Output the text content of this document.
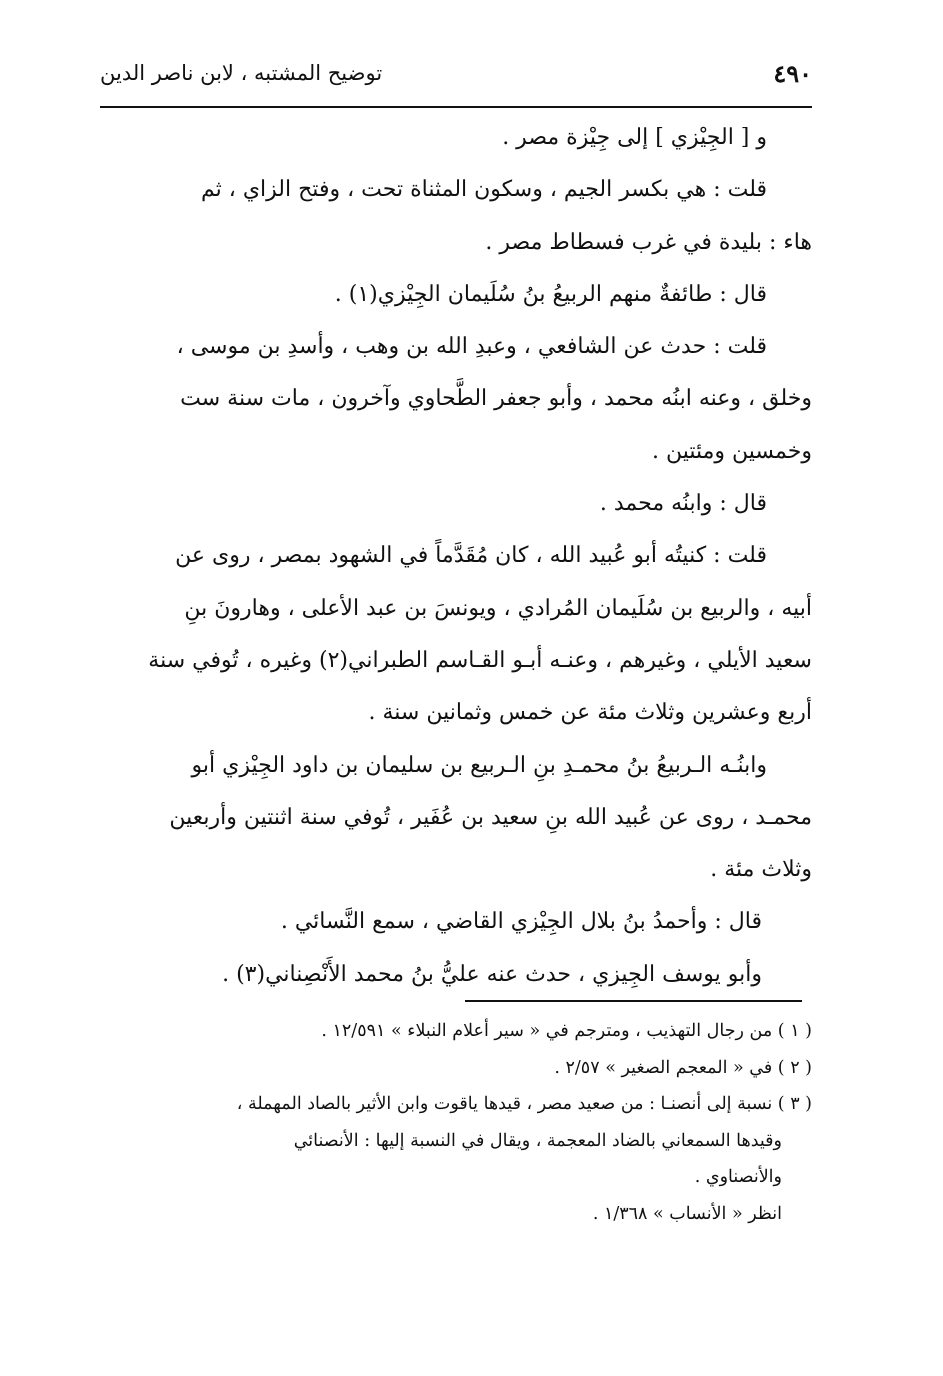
٤٩٠
توضيح المشتبه ، لابن ناصر الدين
و [ الجِيْزي ] إلى جِيْزة مصر .
قلت : هي بكسر الجيم ، وسكون المثناة تحت ، وفتح الزاي ، ثم
هاء : بليدة في غرب فسطاط مصر .
قال : طائفةٌ منهم الربيعُ بنُ سُلَيمان الجِيْزي(١) .
قلت : حدث عن الشافعي ، وعبدِ الله بن وهب ، وأسدِ بن موسى ،
وخلق ، وعنه ابنُه محمد ، وأبو جعفر الطَّحاوي وآخرون ، مات سنة ست
وخمسين ومئتين .
قال : وابنُه محمد .
قلت : كنيتُه أبو عُبيد الله ، كان مُقَدَّماً في الشهود بمصر ، روى عن
أبيه ، والربيع بن سُلَيمان المُرادي ، ويونسَ بن عبد الأعلى ، وهارونَ بنِ
سعيد الأيلي ، وغيرهم ، وعنـه أبـو القـاسم الطبراني(٢) وغيره ، تُوفي سنة
أربع وعشرين وثلاث مئة عن خمس وثمانين سنة .
وابنُـه الـربيعُ بنُ محمـدِ بنِ الـربيع بن سليمان بن داود الجِيْزي أبو
محمـد ، روى عن عُبيد الله بنِ سعيد بن عُفَير ، تُوفي سنة اثنتين وأربعين
وثلاث مئة .
قال : وأحمدُ بنُ بلال الجِيْزي القاضي ، سمع النَّسائي .
وأبو يوسف الجِيزي ، حدث عنه عليُّ بنُ محمد الأَنْصِناني(٣) .
( ١ ) من رجال التهذيب ، ومترجم في « سير أعلام النبلاء » ١٢/٥٩١ .
( ٢ ) في « المعجم الصغير » ٢/٥٧ .
( ٣ ) نسبة إلى أنصنـا : من صعيد مصر ، قيدها ياقوت وابن الأثير بالصاد المهملة ،
وقيدها السمعاني بالضاد المعجمة ، ويقال في النسبة إليها : الأنصنائي
والأنصناوي .
انظر « الأنساب » ١/٣٦٨ .
